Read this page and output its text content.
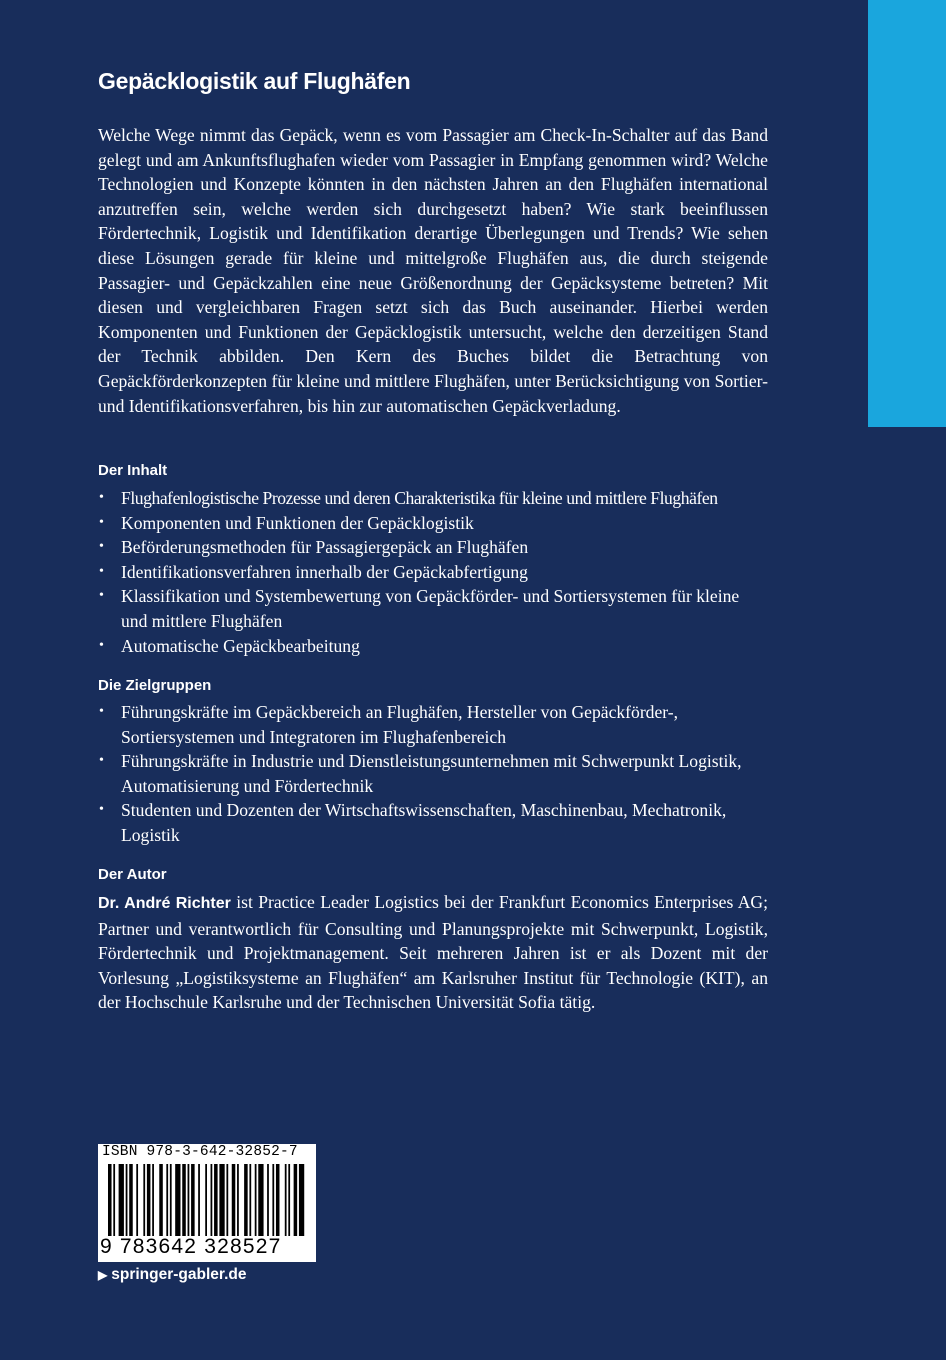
Gepäcklogistik auf Flughäfen

Welche Wege nimmt das Gepäck, wenn es vom Passagier am Check-In-Schalter auf das Band gelegt und am Ankunftsflughafen wieder vom Passagier in Empfang genommen wird? Welche Technologien und Konzepte könnten in den nächsten Jahren an den Flughäfen international anzutreffen sein, welche werden sich durchgesetzt haben? Wie stark beeinflussen Fördertechnik, Logistik und Identifikation derartige Überlegungen und Trends? Wie sehen diese Lösungen gerade für kleine und mittelgroße Flughäfen aus, die durch steigende Passagier- und Gepäckzahlen eine neue Größenordnung der Gepäcksysteme betreten? Mit diesen und vergleichbaren Fragen setzt sich das Buch auseinander. Hierbei werden Komponenten und Funktionen der Gepäcklogistik untersucht, welche den derzeitigen Stand der Technik abbilden. Den Kern des Buches bildet die Betrachtung von Gepäckförderkonzepten für kleine und mittlere Flughäfen, unter Berücksichtigung von Sortier- und Identifikationsverfahren, bis hin zur automatischen Gepäckverladung.

Der Inhalt
• Flughafenlogistische Prozesse und deren Charakteristika für kleine und mittlere Flughäfen
• Komponenten und Funktionen der Gepäcklogistik
• Beförderungsmethoden für Passagiergepäck an Flughäfen
• Identifikationsverfahren innerhalb der Gepäckabfertigung
• Klassifikation und Systembewertung von Gepäckförder- und Sortiersystemen für kleine und mittlere Flughäfen
• Automatische Gepäckbearbeitung
Die Zielgruppen
• Führungskräfte im Gepäckbereich an Flughäfen, Hersteller von Gepäckförder-, Sortiersystemen und Integratoren im Flughafenbereich
• Führungskräfte in Industrie und Dienstleistungsunternehmen mit Schwerpunkt Logistik, Automatisierung und Fördertechnik
• Studenten und Dozenten der Wirtschaftswissenschaften, Maschinenbau, Mechatronik, Logistik
Der Autor

Dr. André Richter ist Practice Leader Logistics bei der Frankfurt Economics Enterprises AG; Partner und verantwortlich für Consulting und Planungsprojekte mit Schwerpunkt, Logistik, Fördertechnik und Projektmanagement. Seit mehreren Jahren ist er als Dozent mit der Vorlesung „Logistiksysteme an Flughäfen“ am Karlsruher Institut für Technologie (KIT), an der Hochschule Karlsruhe und der Technischen Universität Sofia tätig.

ISBN 978-3-642-32852-7
9 783642 328527
▶ springer-gabler.de
